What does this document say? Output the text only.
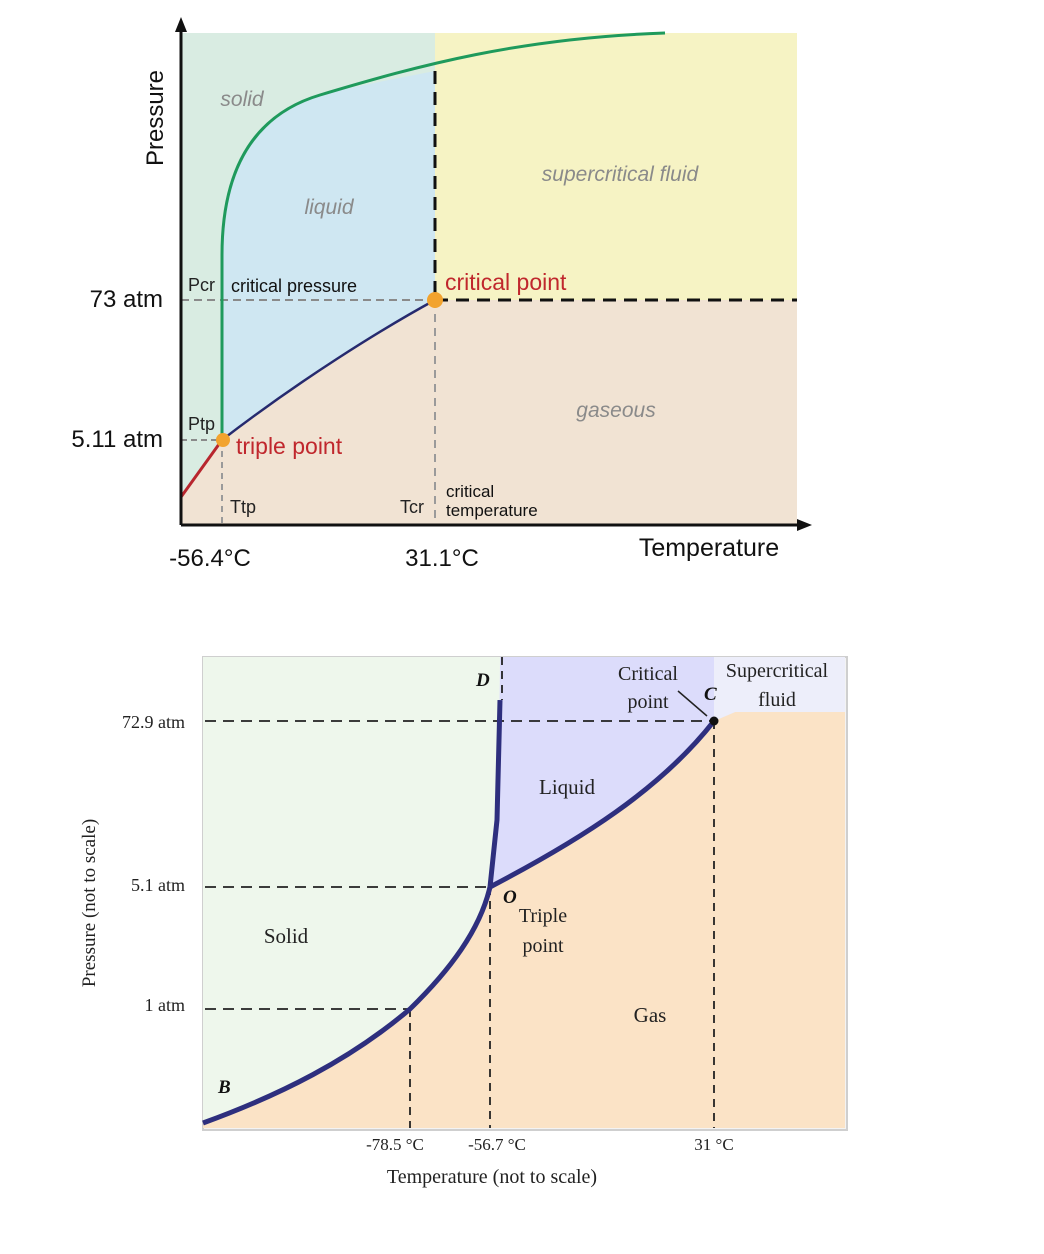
Pressure
Temperature
73 atm
5.11 atm
-56.4°C	31.1°C
solid
liquid
supercritical fluid
gaseous
Pcr critical pressure
Ptp
critical point
triple point
Ttp	Tcr
critical
temperature
Pressure (not to scale)
Temperature (not to scale)
72.9 atm
5.1 atm
1 atm
-78.5 °C	-56.7 °C	31 °C
Solid
Liquid
Gas
Supercritical
fluid
Critical
point
Triple
point
B
C
D
O
